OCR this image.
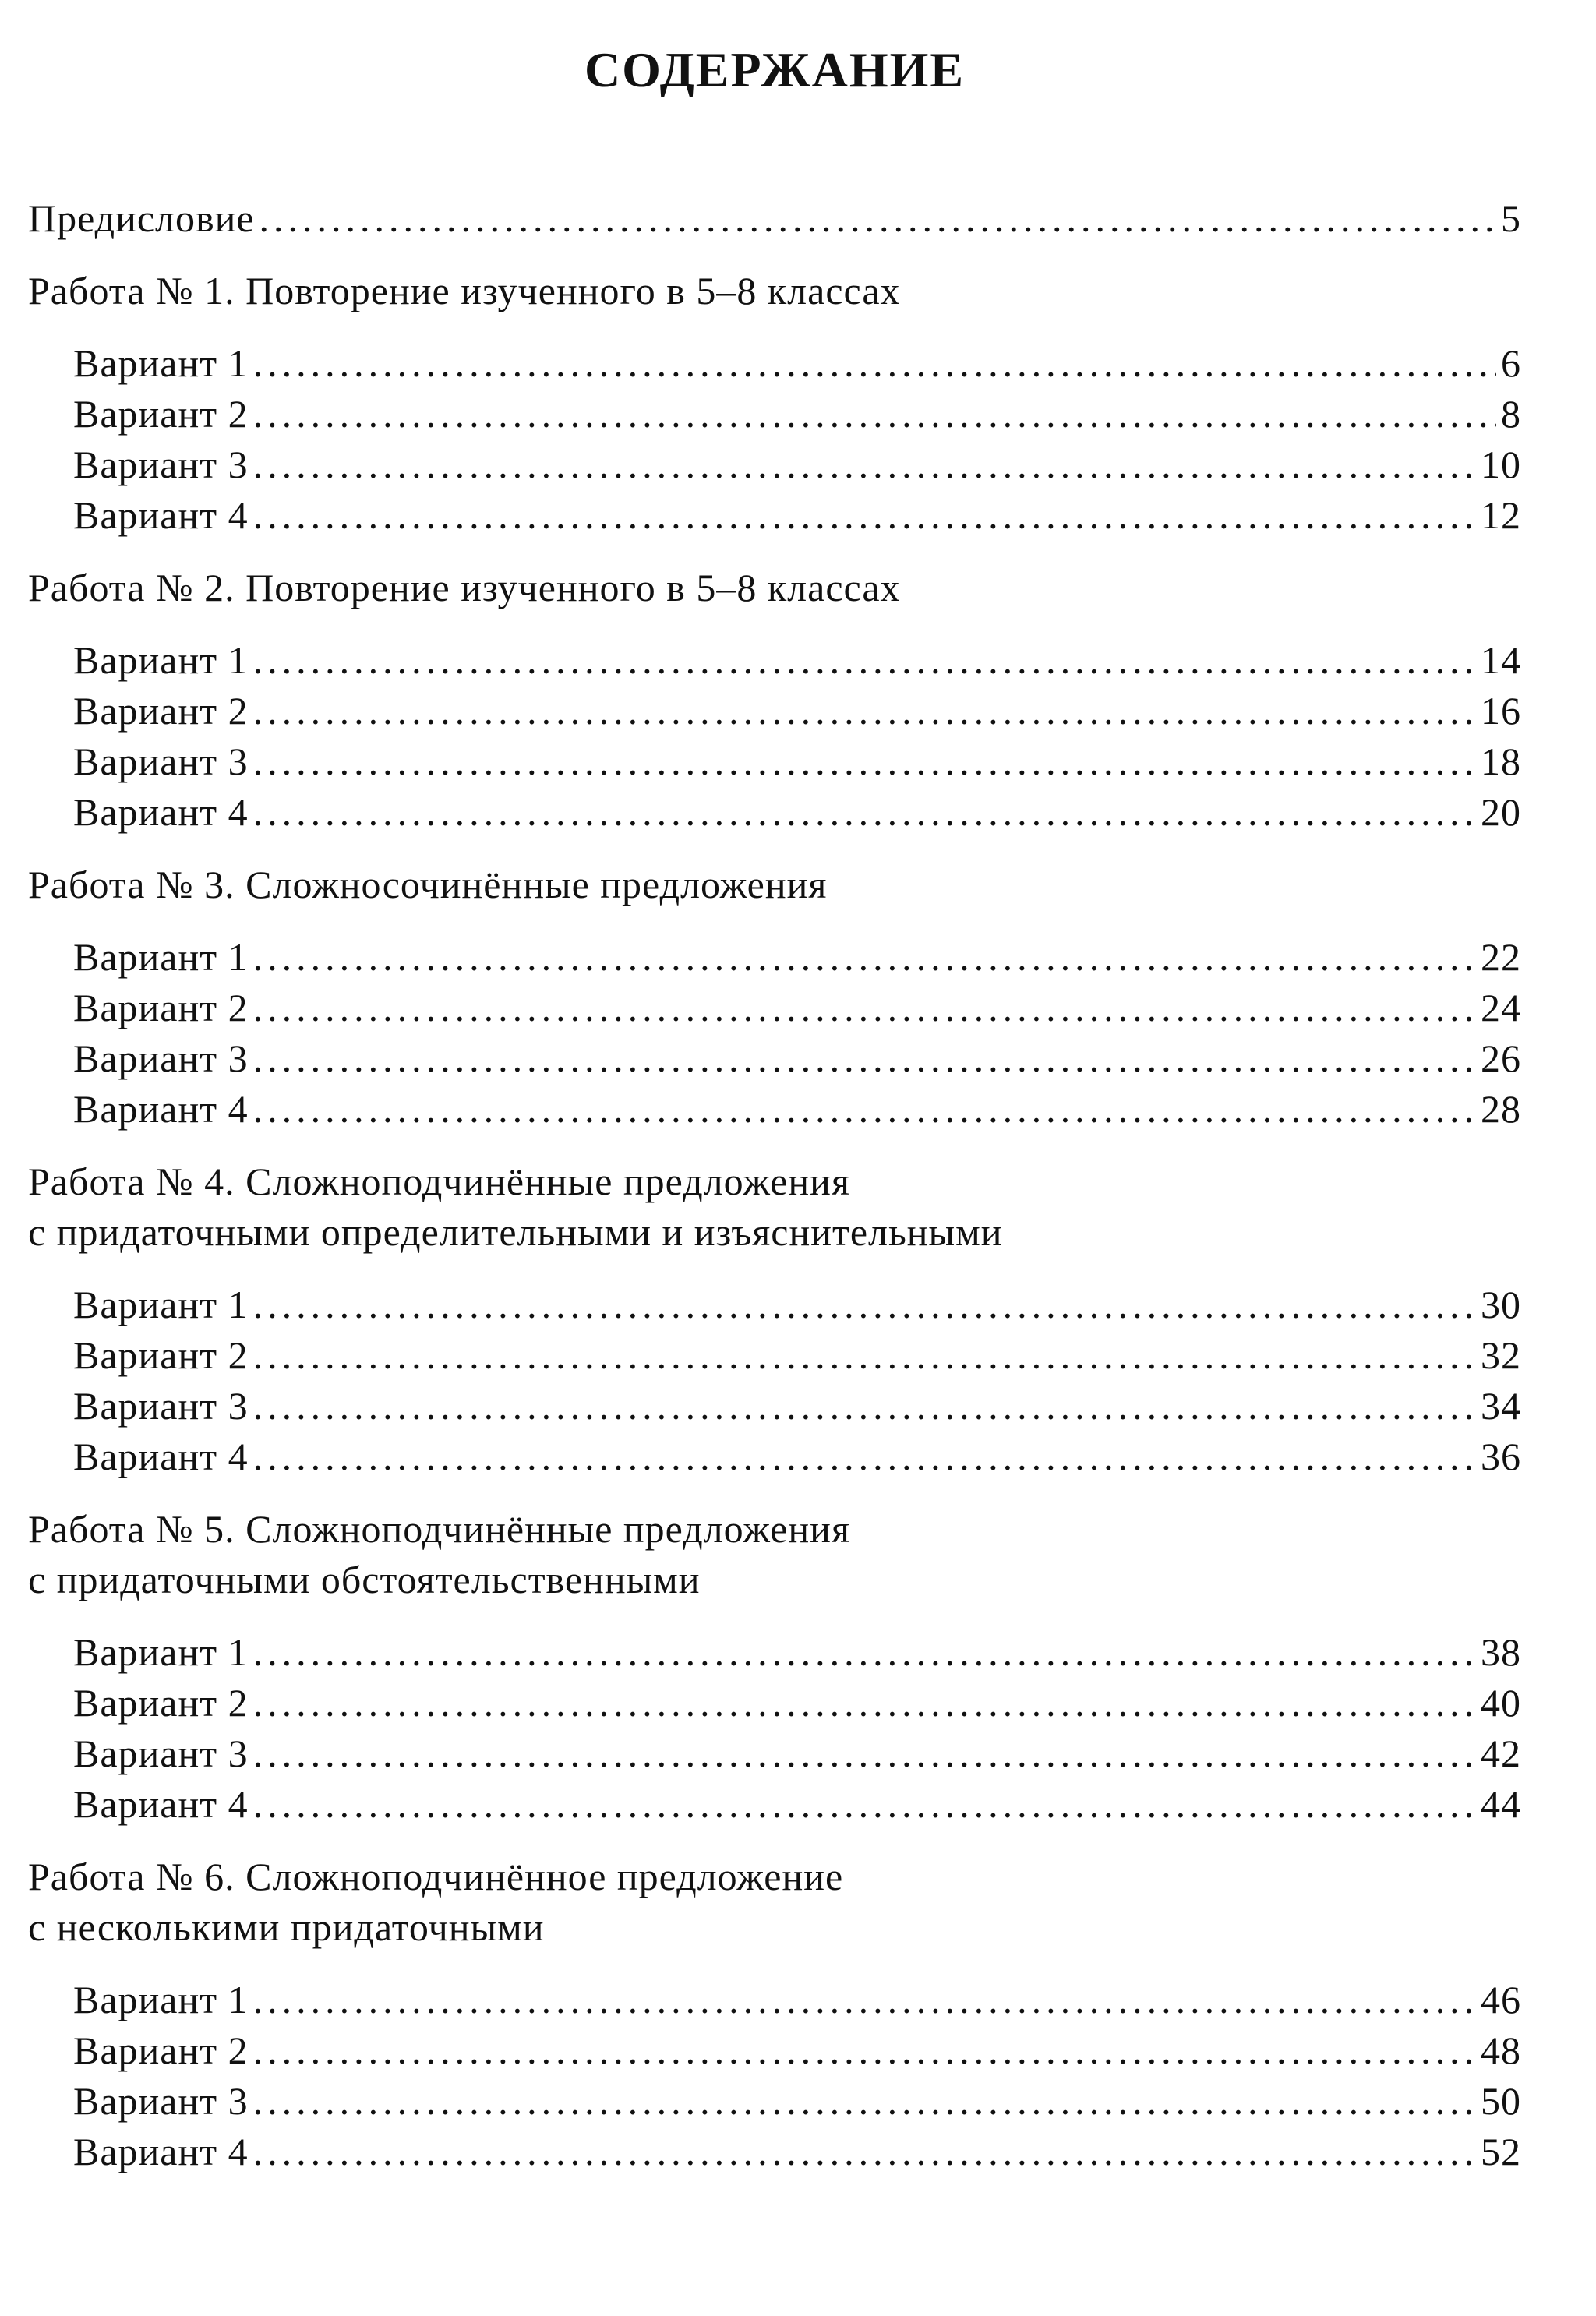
СОДЕРЖАНИЕ
Предисловие .....	5
Работа № 1. Повторение изученного в 5–8 классах
Вариант 1 .....	6
Вариант 2 .....	8
Вариант 3 .....	10
Вариант 4 .....	12
Работа № 2. Повторение изученного в 5–8 классах
Вариант 1 .....	14
Вариант 2 .....	16
Вариант 3 .....	18
Вариант 4 .....	20
Работа № 3. Сложносочинённые предложения
Вариант 1 .....	22
Вариант 2 .....	24
Вариант 3 .....	26
Вариант 4 .....	28
Работа № 4. Сложноподчинённые предложения
с придаточными определительными и изъяснительными
Вариант 1 .....	30
Вариант 2 .....	32
Вариант 3 .....	34
Вариант 4 .....	36
Работа № 5. Сложноподчинённые предложения
с придаточными обстоятельственными
Вариант 1 .....	38
Вариант 2 .....	40
Вариант 3 .....	42
Вариант 4 .....	44
Работа № 6. Сложноподчинённое предложение
с несколькими придаточными
Вариант 1 .....	46
Вариант 2 .....	48
Вариант 3 .....	50
Вариант 4 .....	52
